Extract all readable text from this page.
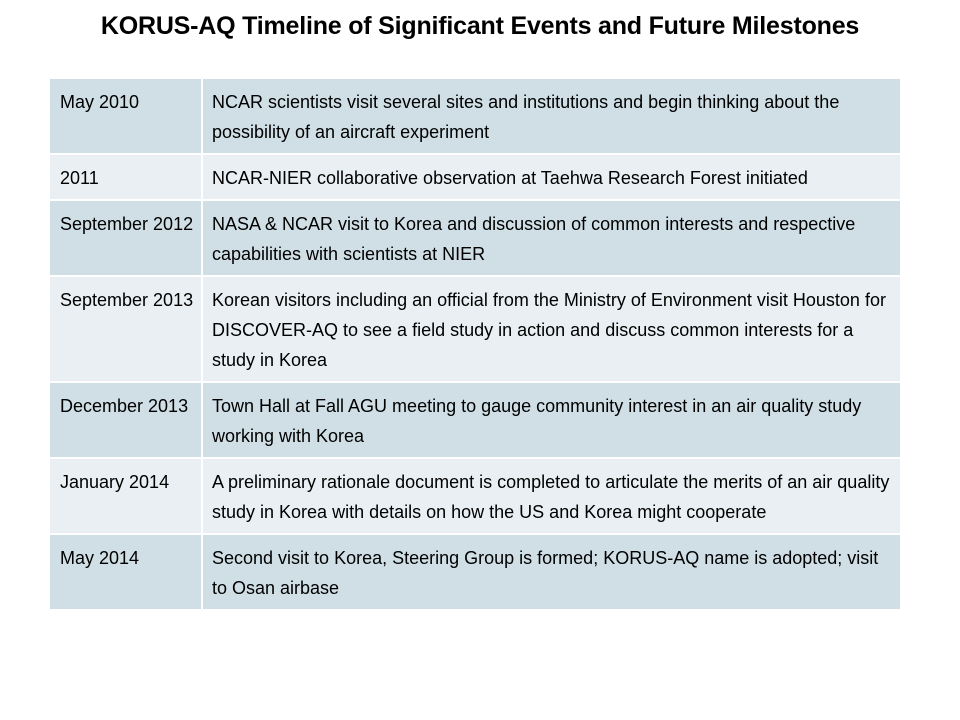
KORUS-AQ Timeline of Significant Events and Future Milestones
May 2010	NCAR scientists visit several sites and institutions and begin thinking about the possibility of an aircraft experiment
2011	NCAR-NIER collaborative observation at Taehwa Research Forest initiated
September 2012	NASA & NCAR visit to Korea and discussion of common interests and respective capabilities with scientists at NIER
September 2013	Korean visitors including an official from the Ministry of Environment visit Houston for DISCOVER-AQ to see a field study in action and discuss common interests for a study in Korea
December 2013	Town Hall at Fall AGU meeting to gauge community interest in an air quality study working with Korea
January 2014	A preliminary rationale document is completed to articulate the merits of an air quality study in Korea with details on how the US and Korea might cooperate
May 2014	Second visit to Korea, Steering Group is formed; KORUS-AQ name is adopted; visit to Osan airbase
